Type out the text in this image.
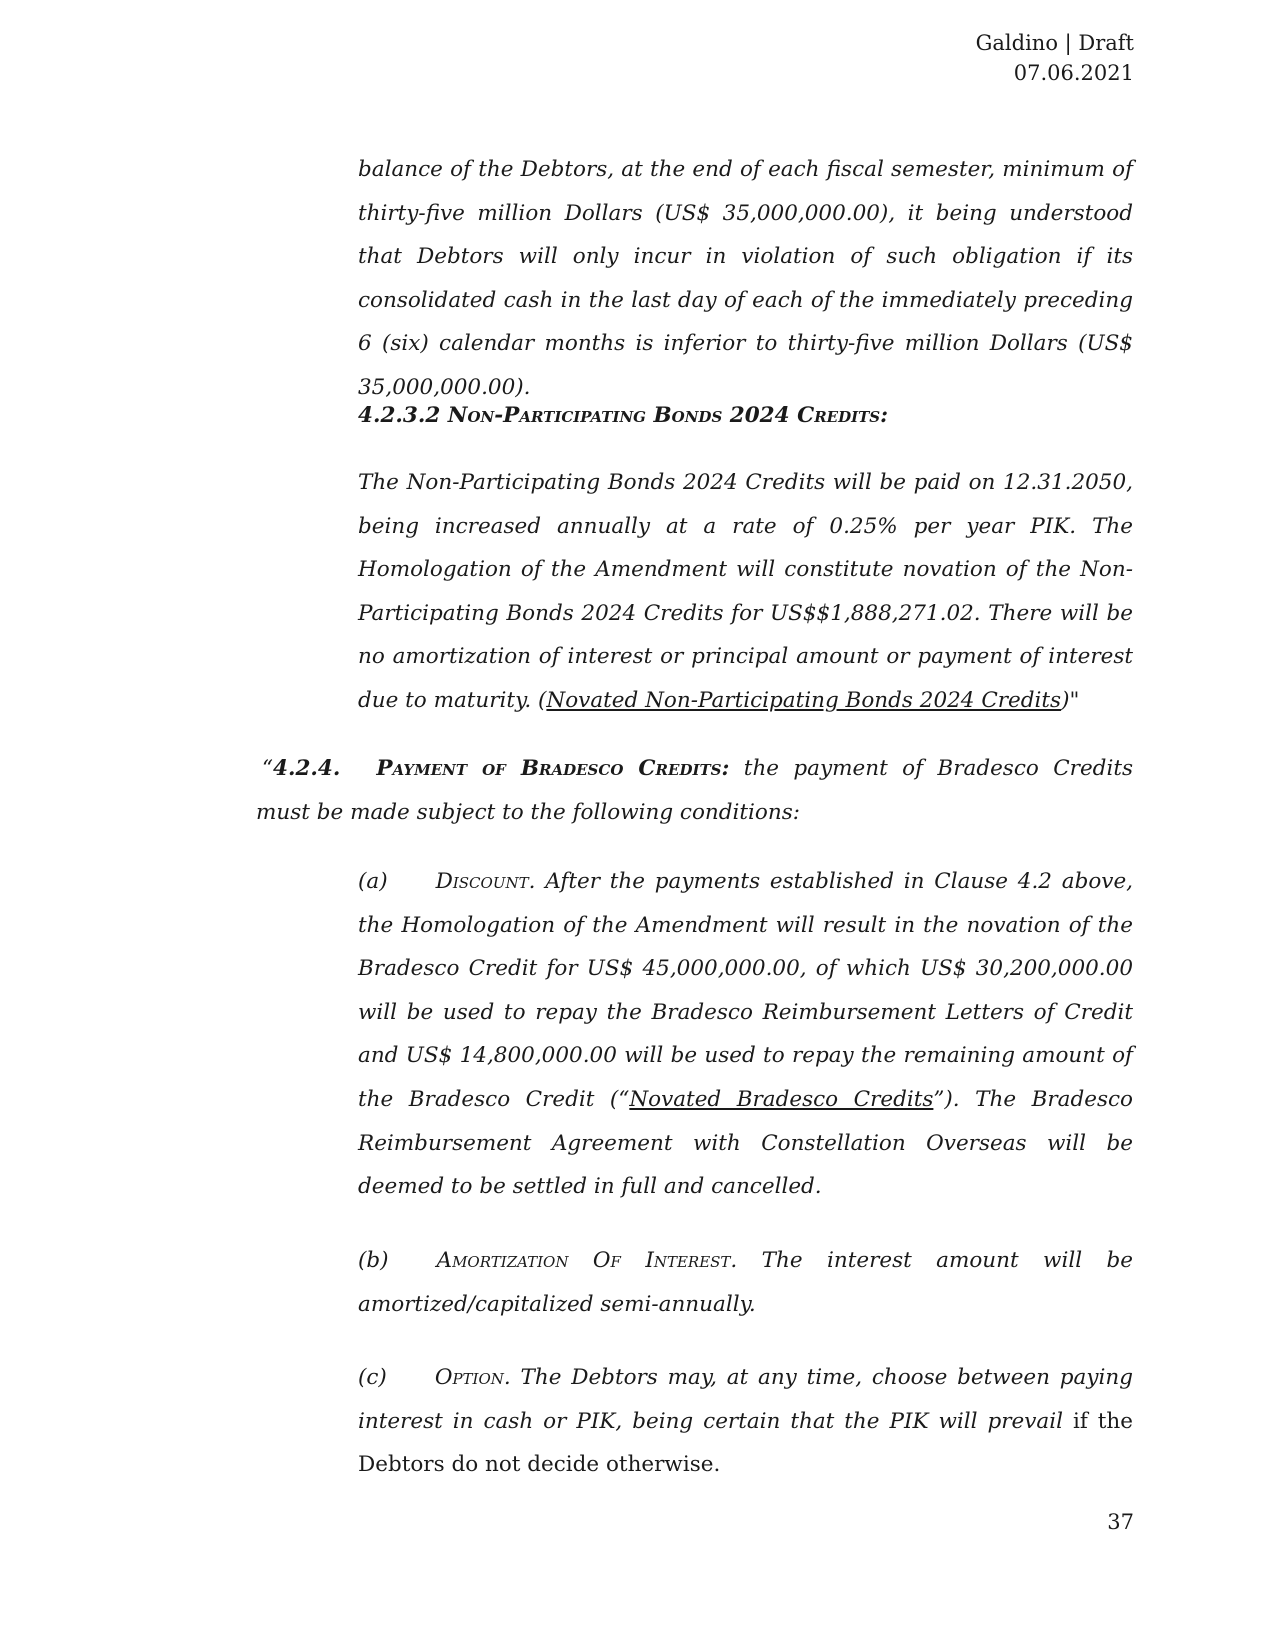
Galdino | Draft
07.06.2021

balance of the Debtors, at the end of each fiscal semester, minimum of thirty-five million Dollars (US$ 35,000,000.00), it being understood that Debtors will only incur in violation of such obligation if its consolidated cash in the last day of each of the immediately preceding 6 (six) calendar months is inferior to thirty-five million Dollars (US$ 35,000,000.00).

4.2.3.2 Non-Participating Bonds 2024 Credits:

The Non-Participating Bonds 2024 Credits will be paid on 12.31.2050, being increased annually at a rate of 0.25% per year PIK. The Homologation of the Amendment will constitute novation of the Non-Participating Bonds 2024 Credits for US$$1,888,271.02. There will be no amortization of interest or principal amount or payment of interest due to maturity. (Novated Non-Participating Bonds 2024 Credits)"

“4.2.4. Payment of Bradesco Credits: the payment of Bradesco Credits must be made subject to the following conditions:

(a) Discount. After the payments established in Clause 4.2 above, the Homologation of the Amendment will result in the novation of the Bradesco Credit for US$ 45,000,000.00, of which US$ 30,200,000.00 will be used to repay the Bradesco Reimbursement Letters of Credit and US$ 14,800,000.00 will be used to repay the remaining amount of the Bradesco Credit (“Novated Bradesco Credits”). The Bradesco Reimbursement Agreement with Constellation Overseas will be deemed to be settled in full and cancelled.

(b) Amortization Of Interest. The interest amount will be amortized/capitalized semi-annually.

(c) Option. The Debtors may, at any time, choose between paying interest in cash or PIK, being certain that the PIK will prevail if the Debtors do not decide otherwise.

37
